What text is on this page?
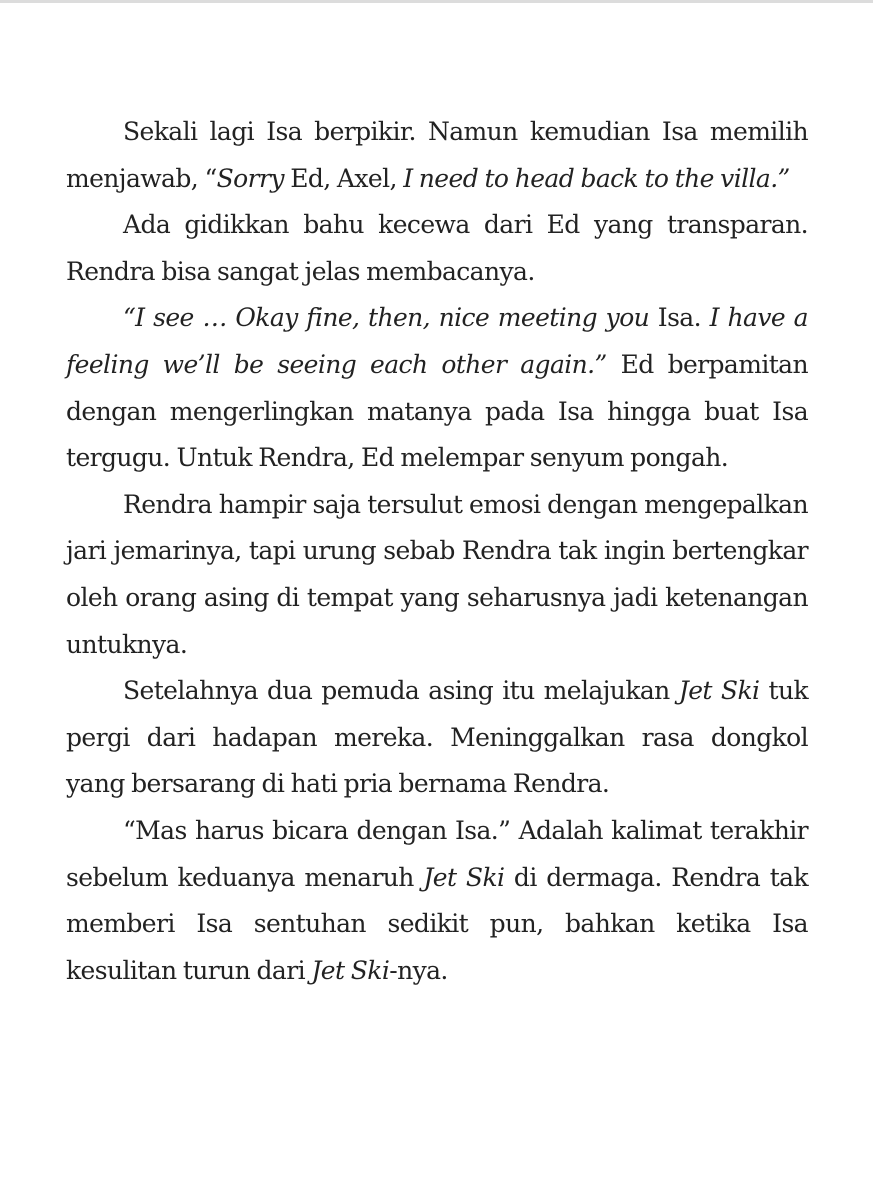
Sekali lagi Isa berpikir. Namun kemudian Isa memilih menjawab, “Sorry Ed, Axel, I need to head back to the villa.”

Ada gidikkan bahu kecewa dari Ed yang transparan. Rendra bisa sangat jelas membacanya.

“I see … Okay fine, then, nice meeting you Isa. I have a feeling we’ll be seeing each other again.” Ed berpamitan dengan mengerlingkan matanya pada Isa hingga buat Isa tergugu. Untuk Rendra, Ed melempar senyum pongah.

Rendra hampir saja tersulut emosi dengan mengepalkan jari jemarinya, tapi urung sebab Rendra tak ingin bertengkar oleh orang asing di tempat yang seharusnya jadi ketenangan untuknya.

Setelahnya dua pemuda asing itu melajukan Jet Ski tuk pergi dari hadapan mereka. Meninggalkan rasa dongkol yang bersarang di hati pria bernama Rendra.

“Mas harus bicara dengan Isa.” Adalah kalimat terakhir sebelum keduanya menaruh Jet Ski di dermaga. Rendra tak memberi Isa sentuhan sedikit pun, bahkan ketika Isa kesulitan turun dari Jet Ski-nya.
